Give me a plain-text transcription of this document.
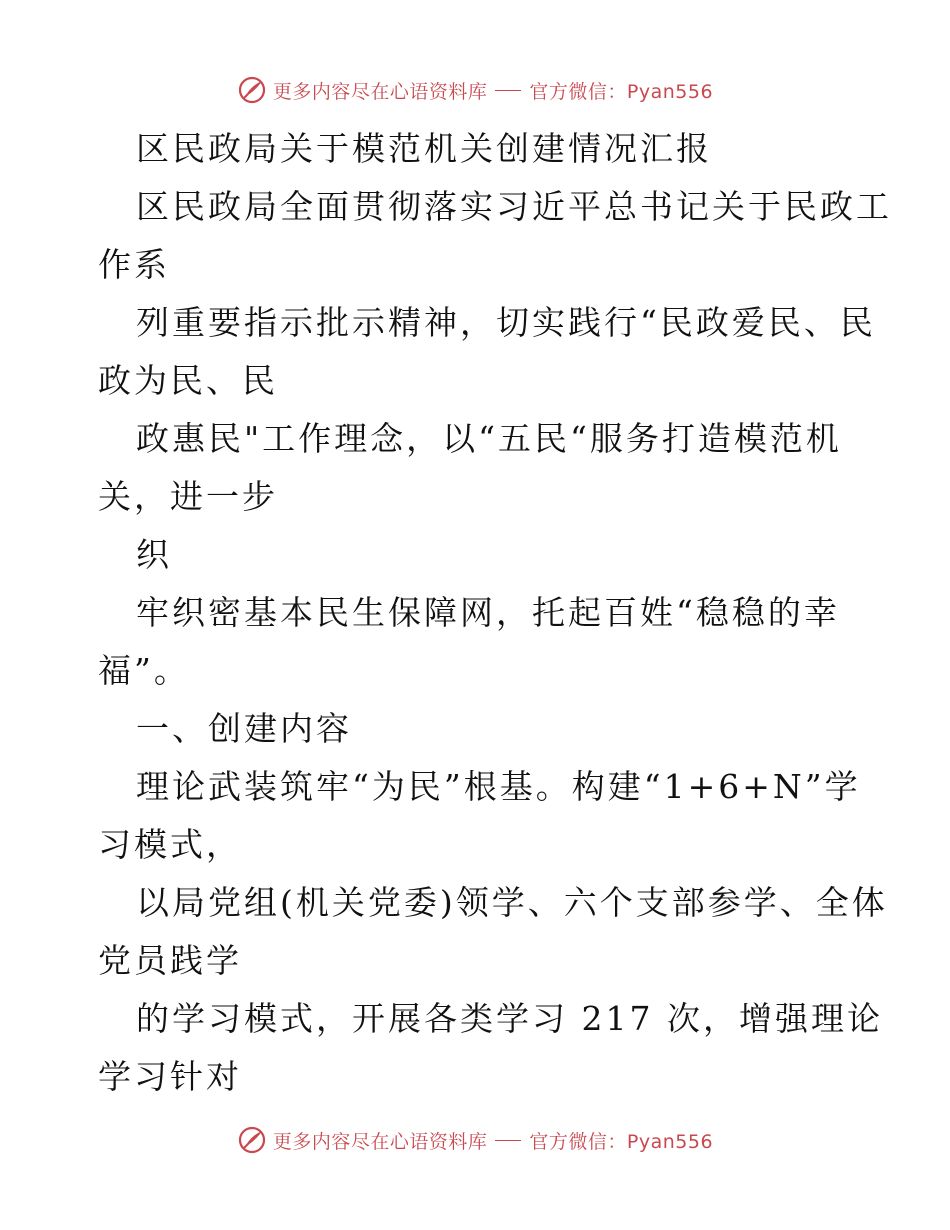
更多内容尽在心语资料库 官方微信：Pyan556
区民政局关于模范机关创建情况汇报
区民政局全面贯彻落实习近平总书记关于民政工
作系
列重要指示批示精神，切实践行“民政爱民、民
政为民、民
政惠民"工作理念，以“五民“服务打造模范机
关，进一步
织
牢织密基本民生保障网，托起百姓“稳稳的幸
福”。
一、创建内容
理论武装筑牢“为民”根基。构建“1+6+N”学
习模式，
以局党组(机关党委)领学、六个支部参学、全体
党员践学
的学习模式，开展各类学习 217 次，增强理论
学习针对
更多内容尽在心语资料库 官方微信：Pyan556
